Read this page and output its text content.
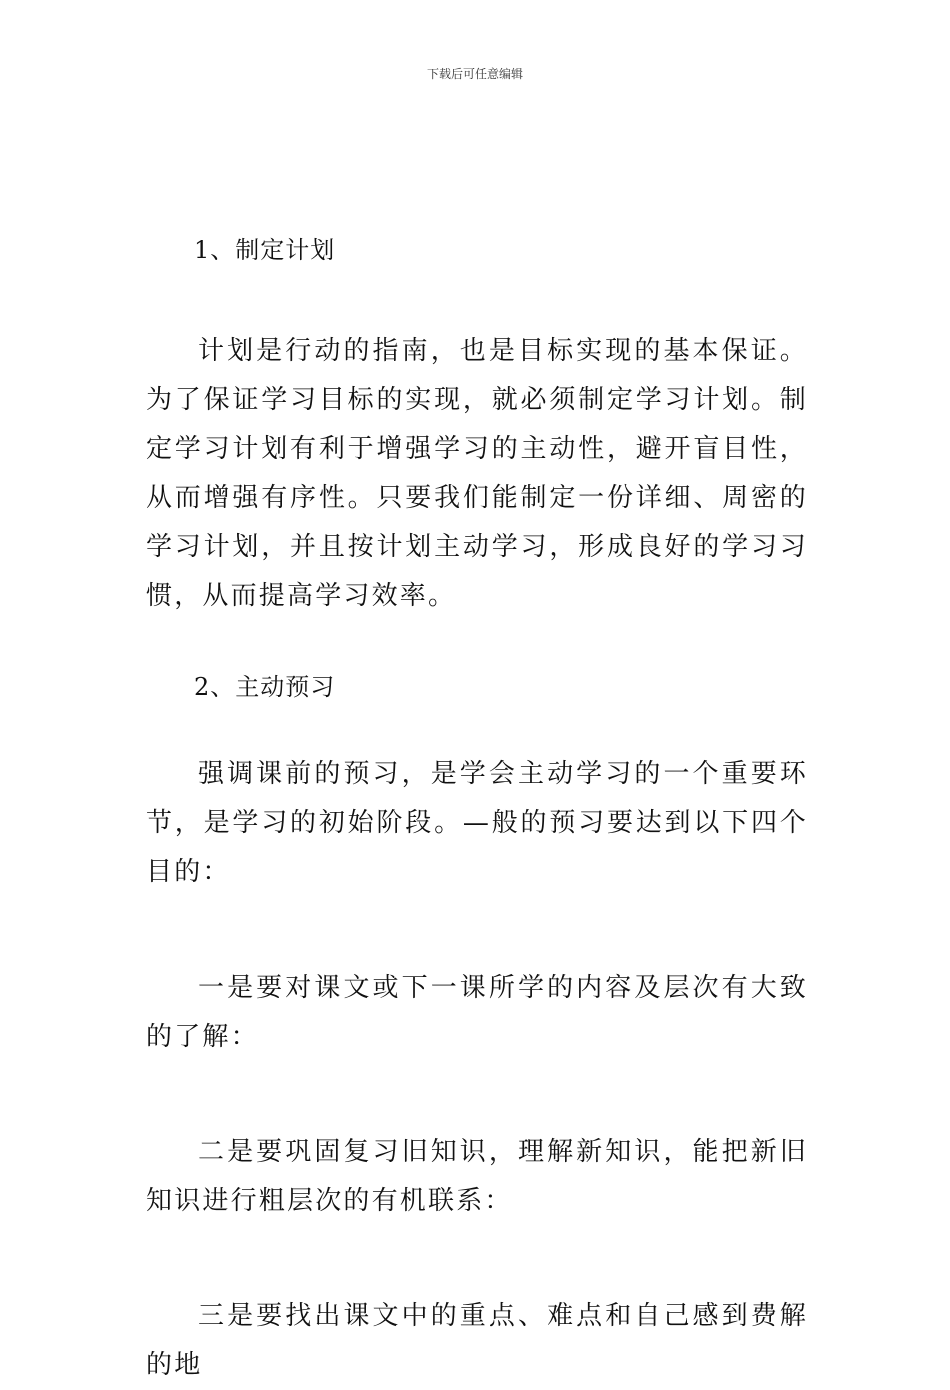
下载后可任意编辑

1、制定计划

计划是行动的指南，也是目标实现的基本保证。为了保证学习目标的实现，就必须制定学习计划。制定学习计划有利于增强学习的主动性，避开盲目性，从而增强有序性。只要我们能制定一份详细、周密的学习计划，并且按计划主动学习，形成良好的学习习惯，从而提高学习效率。

2、主动预习

强调课前的预习，是学会主动学习的一个重要环节，是学习的初始阶段。—般的预习要达到以下四个目的：

一是要对课文或下一课所学的内容及层次有大致的了解：

二是要巩固复习旧知识，理解新知识，能把新旧知识进行粗层次的有机联系：

三是要找出课文中的重点、难点和自己感到费解的地
